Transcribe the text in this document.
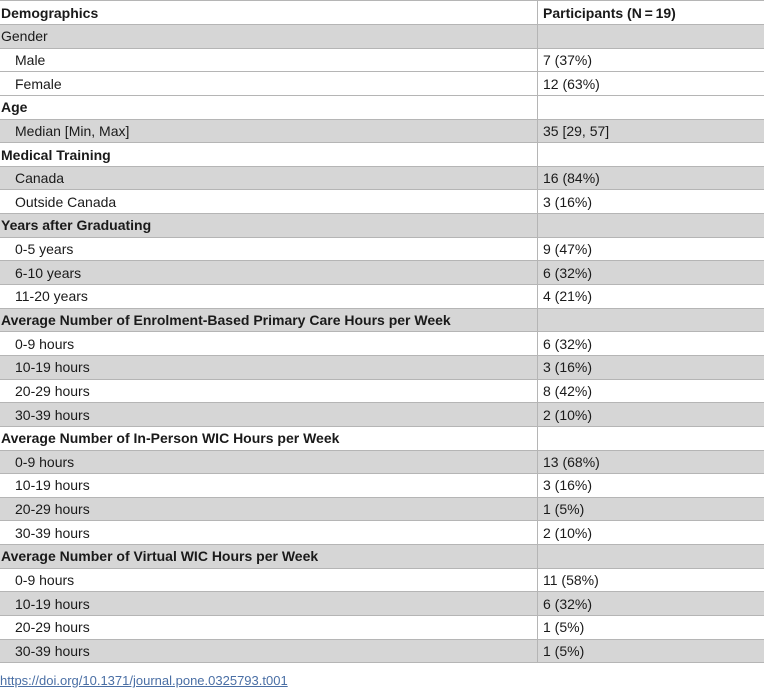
Demographics	Participants (N = 19)
Gender
Male	7 (37%)
Female	12 (63%)
Age
Median [Min, Max]	35 [29, 57]
Medical Training
Canada	16 (84%)
Outside Canada	3 (16%)
Years after Graduating
0-5 years	9 (47%)
6-10 years	6 (32%)
11-20 years	4 (21%)
Average Number of Enrolment-Based Primary Care Hours per Week
0-9 hours	6 (32%)
10-19 hours	3 (16%)
20-29 hours	8 (42%)
30-39 hours	2 (10%)
Average Number of In-Person WIC Hours per Week
0-9 hours	13 (68%)
10-19 hours	3 (16%)
20-29 hours	1 (5%)
30-39 hours	2 (10%)
Average Number of Virtual WIC Hours per Week
0-9 hours	11 (58%)
10-19 hours	6 (32%)
20-29 hours	1 (5%)
30-39 hours	1 (5%)
https://doi.org/10.1371/journal.pone.0325793.t001
